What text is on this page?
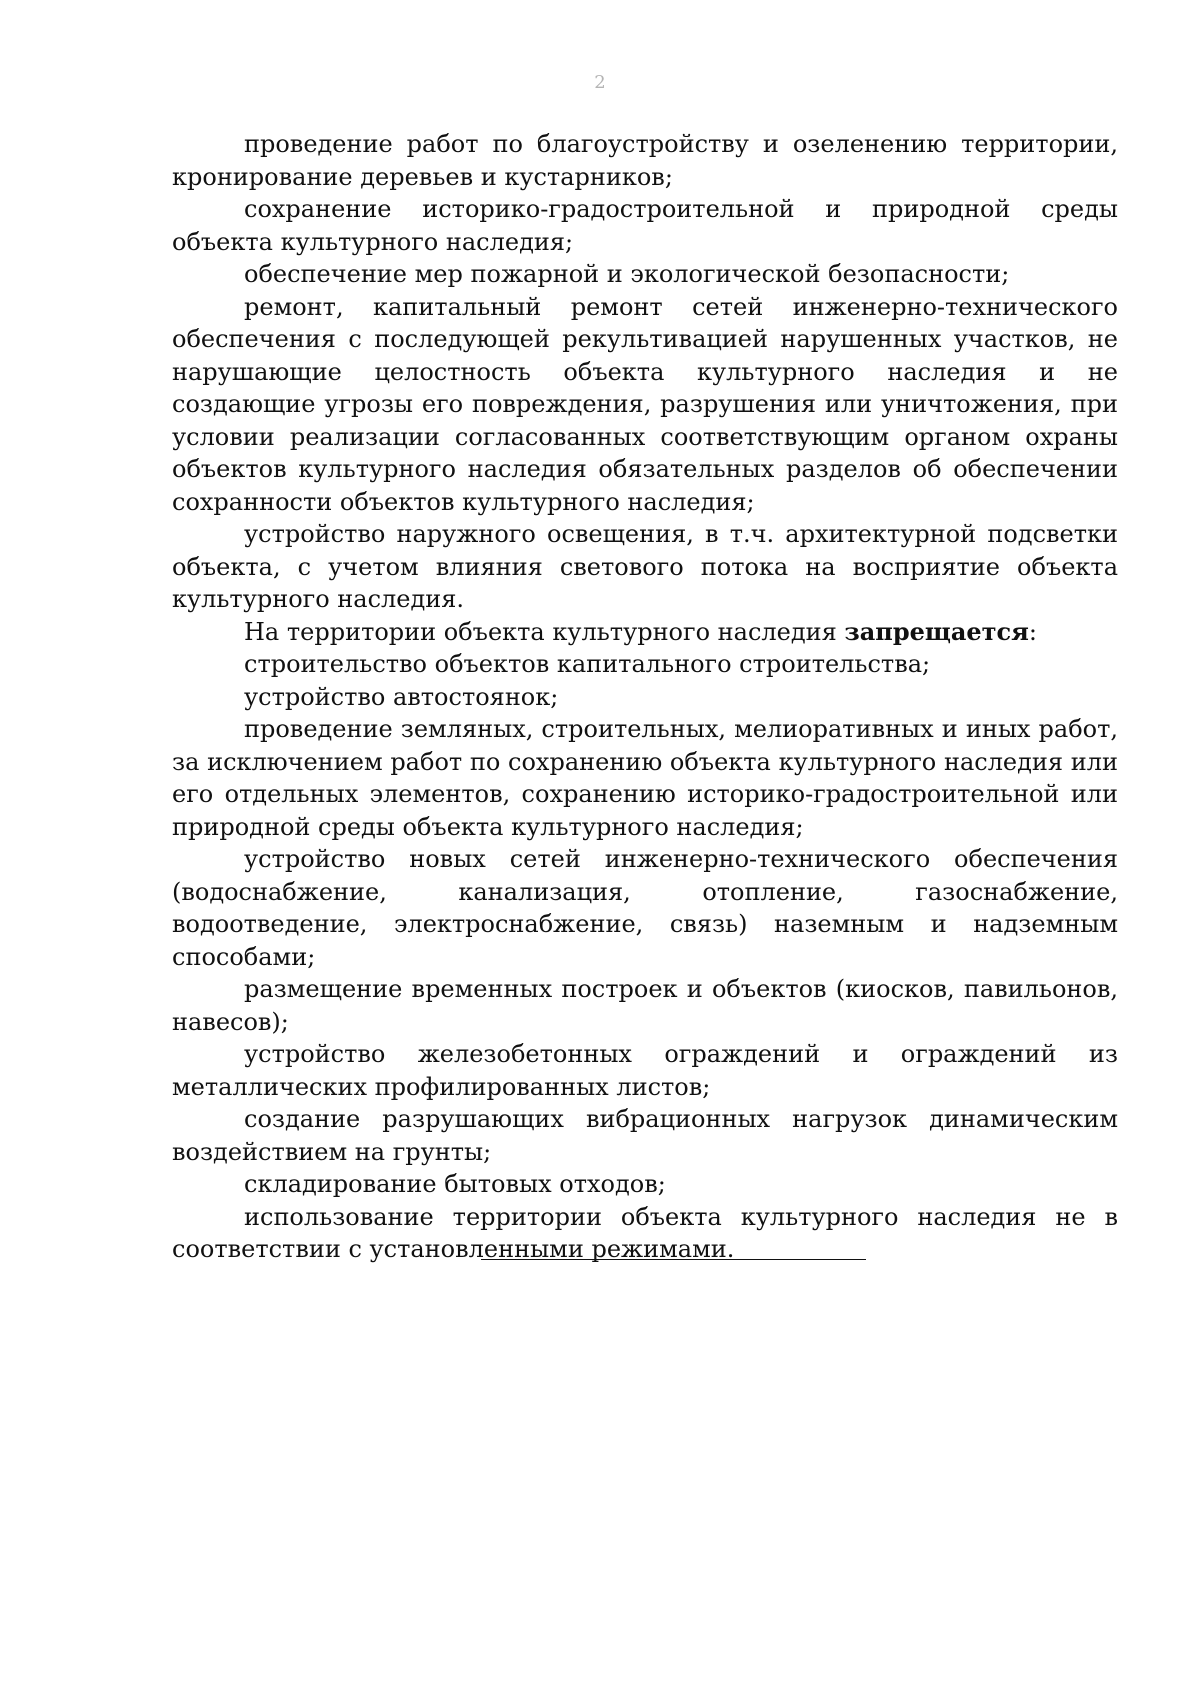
2

проведение работ по благоустройству и озеленению территории, кронирование деревьев и кустарников;

сохранение историко-градостроительной и природной среды объекта культурного наследия;

обеспечение мер пожарной и экологической безопасности;

ремонт, капитальный ремонт сетей инженерно-технического обеспечения с последующей рекультивацией нарушенных участков, не нарушающие целостность объекта культурного наследия и не создающие угрозы его повреждения, разрушения или уничтожения, при условии реализации согласованных соответствующим органом охраны объектов культурного наследия обязательных разделов об обеспечении сохранности объектов культурного наследия;

устройство наружного освещения, в т.ч. архитектурной подсветки объекта, с учетом влияния светового потока на восприятие объекта культурного наследия.

На территории объекта культурного наследия запрещается:

строительство объектов капитального строительства;

устройство автостоянок;

проведение земляных, строительных, мелиоративных и иных работ, за исключением работ по сохранению объекта культурного наследия или его отдельных элементов, сохранению историко-градостроительной или природной среды объекта культурного наследия;

устройство новых сетей инженерно-технического обеспечения (водоснабжение, канализация, отопление, газоснабжение, водоотведение, электроснабжение, связь) наземным и надземным способами;

размещение временных построек и объектов (киосков, павильонов, навесов);

устройство железобетонных ограждений и ограждений из металлических профилированных листов;

создание разрушающих вибрационных нагрузок динамическим воздействием на грунты;

складирование бытовых отходов;

использование территории объекта культурного наследия не в соответствии с установленными режимами.
